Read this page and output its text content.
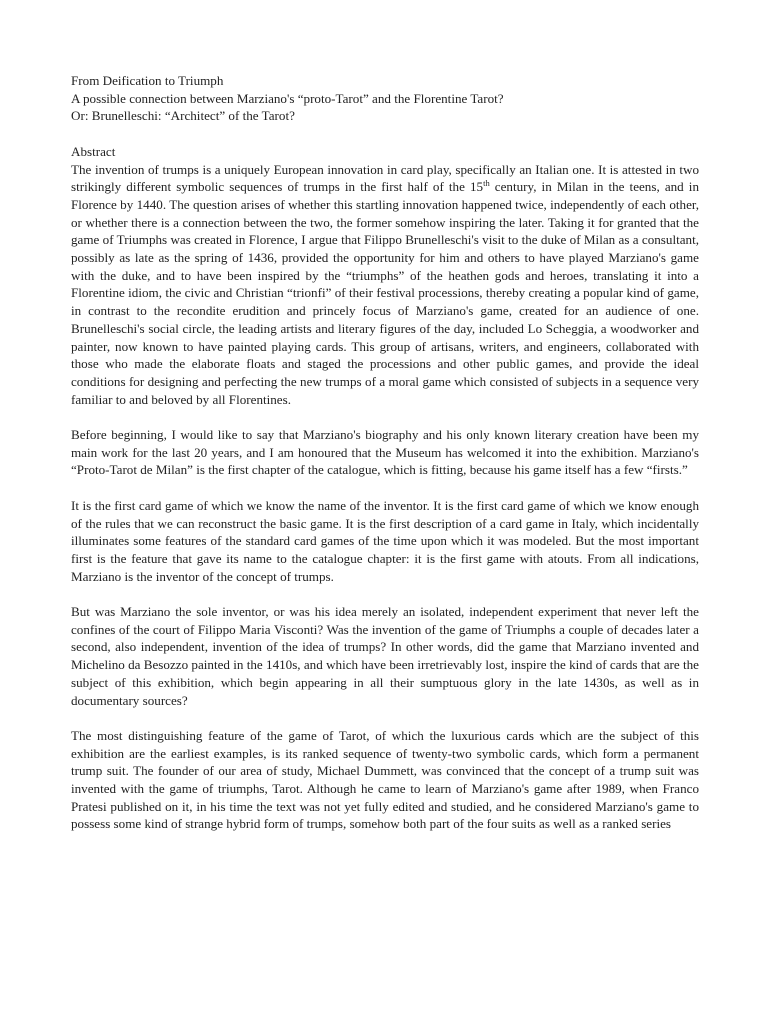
From Deification to Triumph

A possible connection between Marziano's “proto-Tarot” and the Florentine Tarot?

Or: Brunelleschi: “Architect” of the Tarot?

Abstract

The invention of trumps is a uniquely European innovation in card play, specifically an Italian one. It is attested in two strikingly different symbolic sequences of trumps in the first half of the 15th century, in Milan in the teens, and in Florence by 1440. The question arises of whether this startling innovation happened twice, independently of each other, or whether there is a connection between the two, the former somehow inspiring the later. Taking it for granted that the game of Triumphs was created in Florence, I argue that Filippo Brunelleschi's visit to the duke of Milan as a consultant, possibly as late as the spring of 1436, provided the opportunity for him and others to have played Marziano's game with the duke, and to have been inspired by the “triumphs” of the heathen gods and heroes, translating it into a Florentine idiom, the civic and Christian “trionfi” of their festival processions, thereby creating a popular kind of game, in contrast to the recondite erudition and princely focus of Marziano's game, created for an audience of one. Brunelleschi's social circle, the leading artists and literary figures of the day, included Lo Scheggia, a woodworker and painter, now known to have painted playing cards. This group of artisans, writers, and engineers, collaborated with those who made the elaborate floats and staged the processions and other public games, and provide the ideal conditions for designing and perfecting the new trumps of a moral game which consisted of subjects in a sequence very familiar to and beloved by all Florentines.

Before beginning, I would like to say that Marziano's biography and his only known literary creation have been my main work for the last 20 years, and I am honoured that the Museum has welcomed it into the exhibition. Marziano's “Proto-Tarot de Milan” is the first chapter of the catalogue, which is fitting, because his game itself has a few “firsts.”

It is the first card game of which we know the name of the inventor. It is the first card game of which we know enough of the rules that we can reconstruct the basic game. It is the first description of a card game in Italy, which incidentally illuminates some features of the standard card games of the time upon which it was modeled. But the most important first is the feature that gave its name to the catalogue chapter: it is the first game with atouts. From all indications, Marziano is the inventor of the concept of trumps.

But was Marziano the sole inventor, or was his idea merely an isolated, independent experiment that never left the confines of the court of Filippo Maria Visconti? Was the invention of the game of Triumphs a couple of decades later a second, also independent, invention of the idea of trumps? In other words, did the game that Marziano invented and Michelino da Besozzo painted in the 1410s, and which have been irretrievably lost, inspire the kind of cards that are the subject of this exhibition, which begin appearing in all their sumptuous glory in the late 1430s, as well as in documentary sources?

The most distinguishing feature of the game of Tarot, of which the luxurious cards which are the subject of this exhibition are the earliest examples, is its ranked sequence of twenty-two symbolic cards, which form a permanent trump suit. The founder of our area of study, Michael Dummett, was convinced that the concept of a trump suit was invented with the game of triumphs, Tarot. Although he came to learn of Marziano's game after 1989, when Franco Pratesi published on it, in his time the text was not yet fully edited and studied, and he considered Marziano's game to possess some kind of strange hybrid form of trumps, somehow both part of the four suits as well as a ranked series
